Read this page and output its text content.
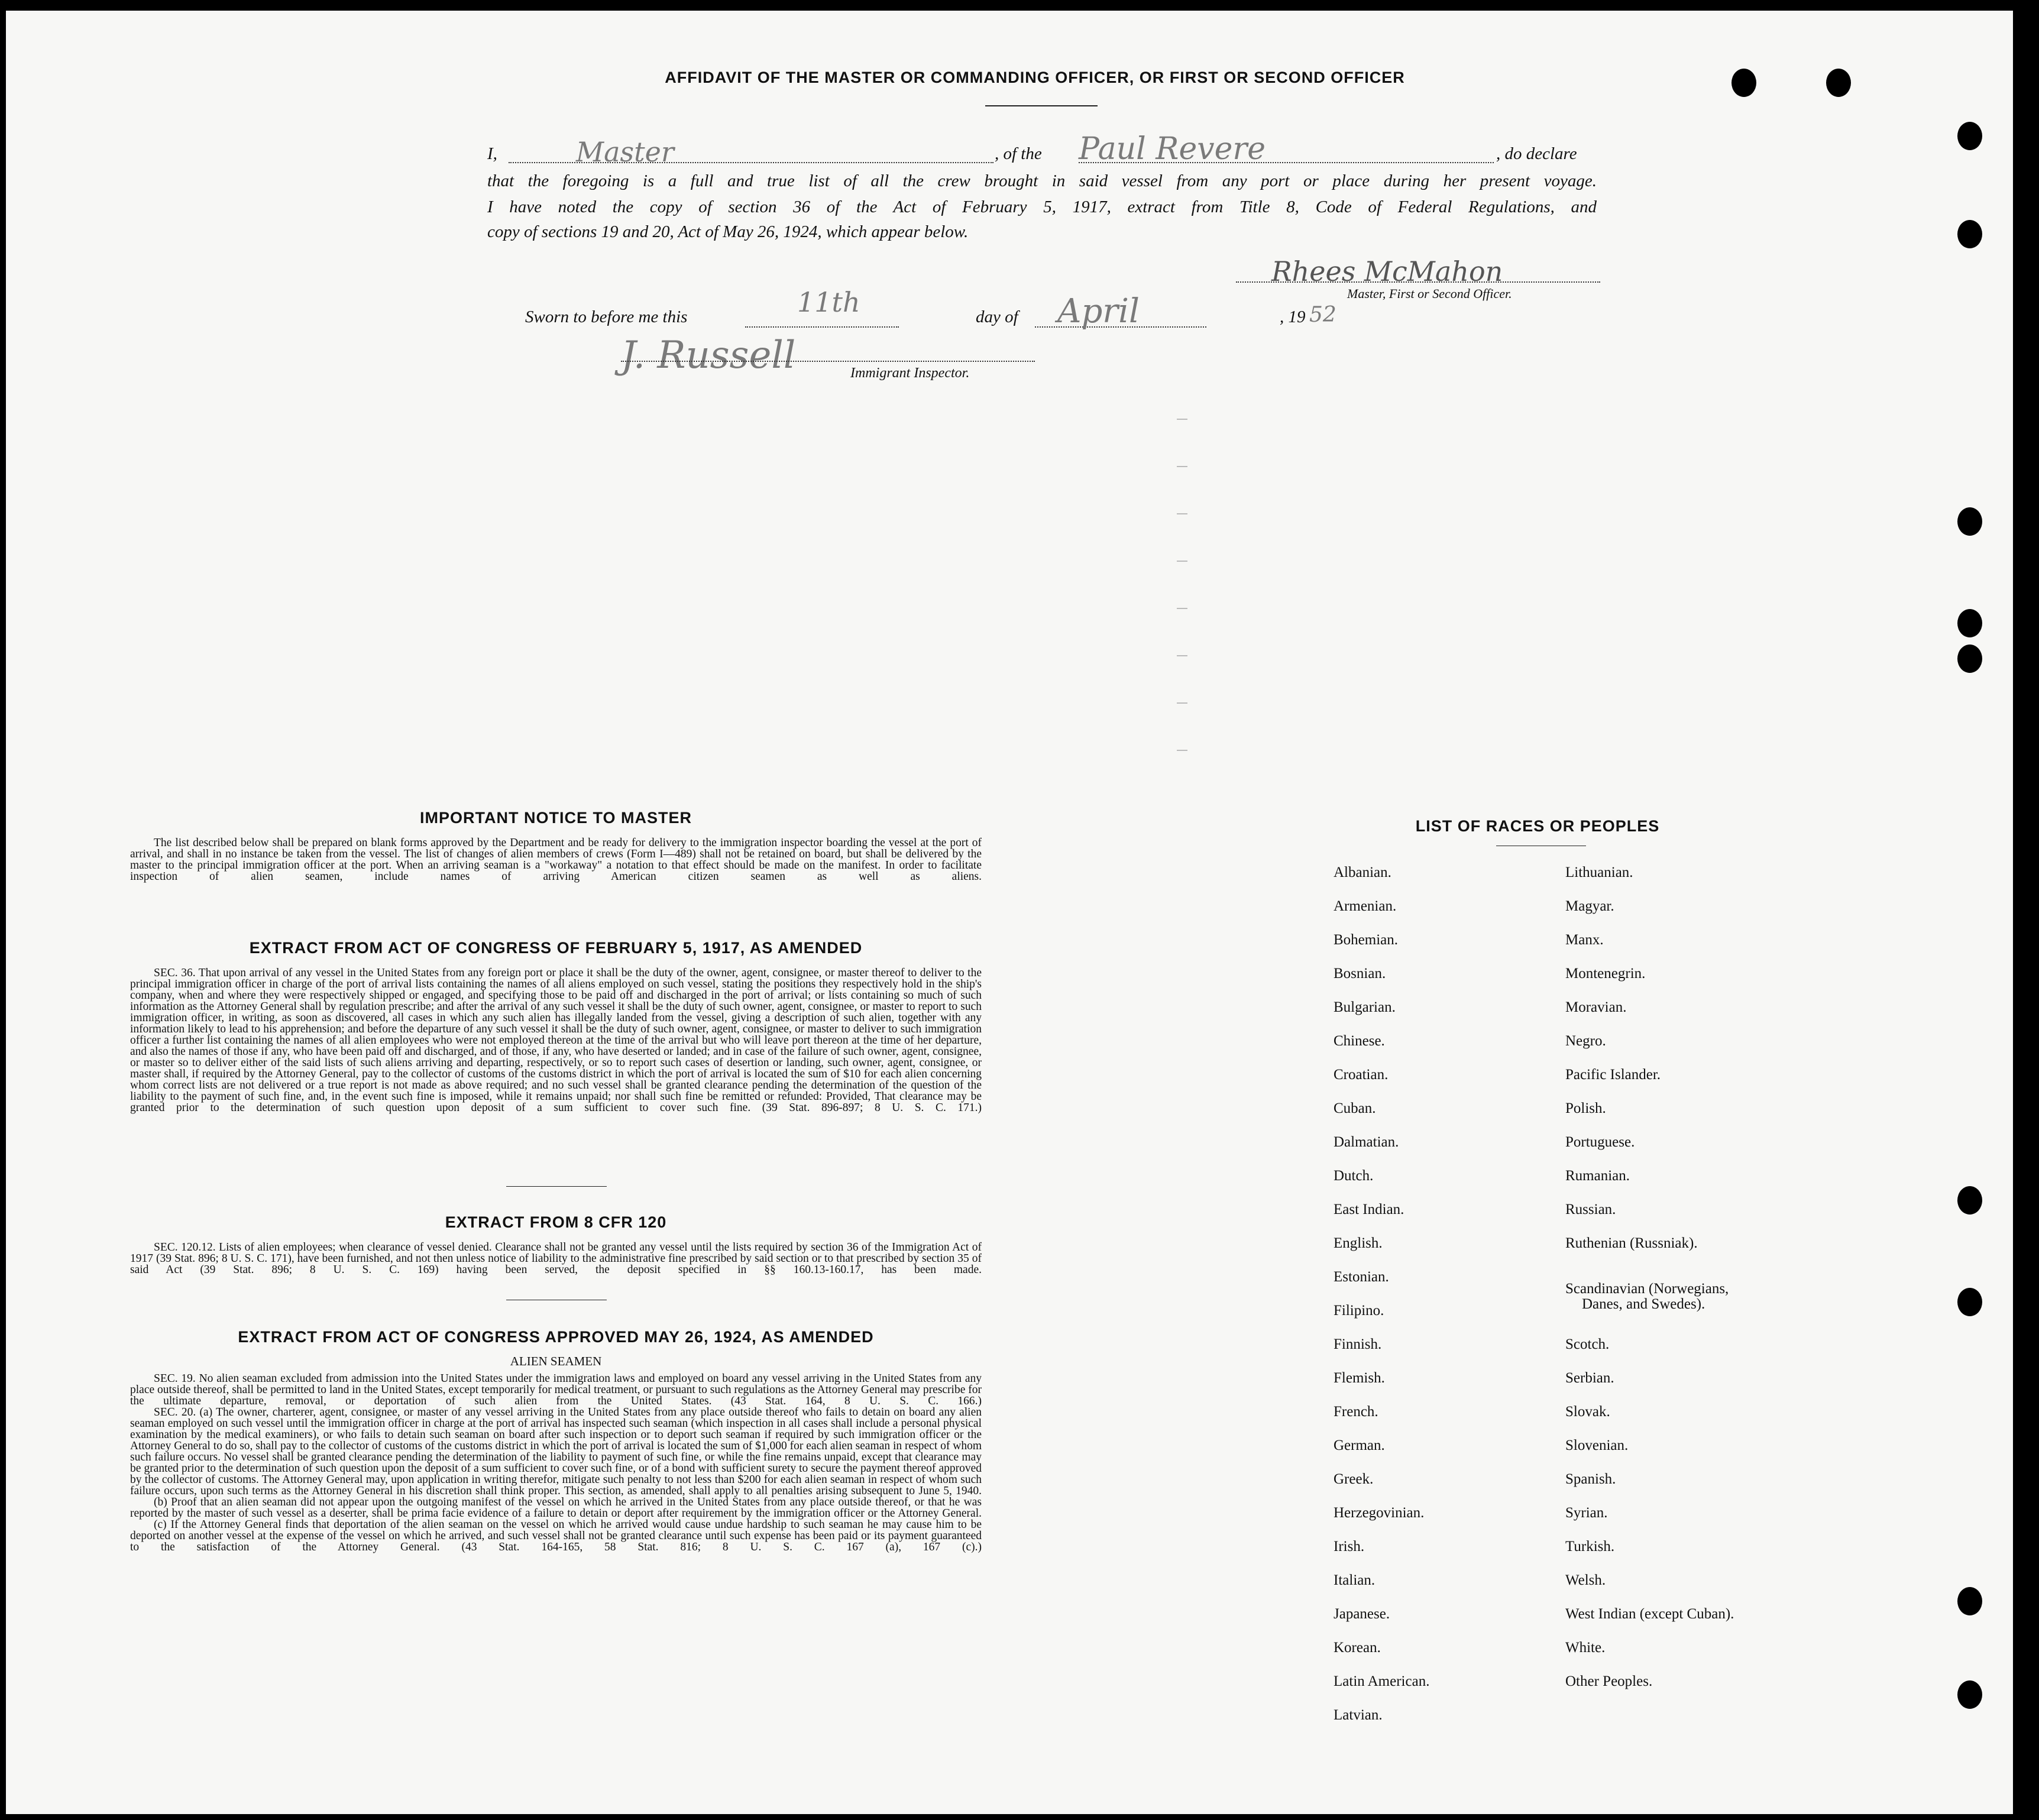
AFFIDAVIT OF THE MASTER OR COMMANDING OFFICER, OR FIRST OR SECOND OFFICER
I,	Master	, of the Paul Revere	, do declare
that the foregoing is a full and true list of all the crew brought in said vessel from any port or place during her present voyage.
I have noted the copy of section 36 of the Act of February 5, 1917, extract from Title 8, Code of Federal Regulations, and
copy of sections 19 and 20, Act of May 26, 1924, which appear below.
Rhees McMahon
Master, First or Second Officer.
Sworn to before me this	11th	day of April	, 19 52
J. Russell	Immigrant Inspector.
IMPORTANT NOTICE TO MASTER

The list described below shall be prepared on blank forms approved by the Department and be ready for delivery to the immigration inspector boarding the vessel at the port of arrival, and shall in no instance be taken from the vessel. The list of changes of alien members of crews (Form I—489) shall not be retained on board, but shall be delivered by the master to the principal immigration officer at the port. When an arriving seaman is a "workaway" a notation to that effect should be made on the manifest. In order to facilitate inspection of alien seamen, include names of arriving American citizen seamen as well as aliens.

EXTRACT FROM ACT OF CONGRESS OF FEBRUARY 5, 1917, AS AMENDED

SEC. 36. That upon arrival of any vessel in the United States from any foreign port or place it shall be the duty of the owner, agent, consignee, or master thereof to deliver to the principal immigration officer in charge of the port of arrival lists containing the names of all aliens employed on such vessel, stating the positions they respectively hold in the ship's company, when and where they were respectively shipped or engaged, and specifying those to be paid off and discharged in the port of arrival; or lists containing so much of such information as the Attorney General shall by regulation prescribe; and after the arrival of any such vessel it shall be the duty of such owner, agent, consignee, or master to report to such immigration officer, in writing, as soon as discovered, all cases in which any such alien has illegally landed from the vessel, giving a description of such alien, together with any information likely to lead to his apprehension; and before the departure of any such vessel it shall be the duty of such owner, agent, consignee, or master to deliver to such immigration officer a further list containing the names of all alien employees who were not employed thereon at the time of the arrival but who will leave port thereon at the time of her departure, and also the names of those if any, who have been paid off and discharged, and of those, if any, who have deserted or landed; and in case of the failure of such owner, agent, consignee, or master so to deliver either of the said lists of such aliens arriving and departing, respectively, or so to report such cases of desertion or landing, such owner, agent, consignee, or master shall, if required by the Attorney General, pay to the collector of customs of the customs district in which the port of arrival is located the sum of $10 for each alien concerning whom correct lists are not delivered or a true report is not made as above required; and no such vessel shall be granted clearance pending the determination of the question of the liability to the payment of such fine, and, in the event such fine is imposed, while it remains unpaid; nor shall such fine be remitted or refunded: Provided, That clearance may be granted prior to the determination of such question upon deposit of a sum sufficient to cover such fine. (39 Stat. 896-897; 8 U. S. C. 171.)

EXTRACT FROM 8 CFR 120

SEC. 120.12. Lists of alien employees; when clearance of vessel denied. Clearance shall not be granted any vessel until the lists required by section 36 of the Immigration Act of 1917 (39 Stat. 896; 8 U. S. C. 171), have been furnished, and not then unless notice of liability to the administrative fine prescribed by said section or to that prescribed by section 35 of said Act (39 Stat. 896; 8 U. S. C. 169) having been served, the deposit specified in §§ 160.13-160.17, has been made.

EXTRACT FROM ACT OF CONGRESS APPROVED MAY 26, 1924, AS AMENDED
ALIEN SEAMEN

SEC. 19. No alien seaman excluded from admission into the United States under the immigration laws and employed on board any vessel arriving in the United States from any place outside thereof, shall be permitted to land in the United States, except temporarily for medical treatment, or pursuant to such regulations as the Attorney General may prescribe for the ultimate departure, removal, or deportation of such alien from the United States. (43 Stat. 164, 8 U. S. C. 166.)

SEC. 20. (a) The owner, charterer, agent, consignee, or master of any vessel arriving in the United States from any place outside thereof who fails to detain on board any alien seaman employed on such vessel until the immigration officer in charge at the port of arrival has inspected such seaman (which inspection in all cases shall include a personal physical examination by the medical examiners), or who fails to detain such seaman on board after such inspection or to deport such seaman if required by such immigration officer or the Attorney General to do so, shall pay to the collector of customs of the customs district in which the port of arrival is located the sum of $1,000 for each alien seaman in respect of whom such failure occurs. No vessel shall be granted clearance pending the determination of the liability to payment of such fine, or while the fine remains unpaid, except that clearance may be granted prior to the determination of such question upon the deposit of a sum sufficient to cover such fine, or of a bond with sufficient surety to secure the payment thereof approved by the collector of customs. The Attorney General may, upon application in writing therefor, mitigate such penalty to not less than $200 for each alien seaman in respect of whom such failure occurs, upon such terms as the Attorney General in his discretion shall think proper. This section, as amended, shall apply to all penalties arising subsequent to June 5, 1940.

(b) Proof that an alien seaman did not appear upon the outgoing manifest of the vessel on which he arrived in the United States from any place outside thereof, or that he was reported by the master of such vessel as a deserter, shall be prima facie evidence of a failure to detain or deport after requirement by the immigration officer or the Attorney General.

(c) If the Attorney General finds that deportation of the alien seaman on the vessel on which he arrived would cause undue hardship to such seaman he may cause him to be deported on another vessel at the expense of the vessel on which he arrived, and such vessel shall not be granted clearance until such expense has been paid or its payment guaranteed to the satisfaction of the Attorney General. (43 Stat. 164-165, 58 Stat. 816; 8 U. S. C. 167 (a), 167 (c).)

LIST OF RACES OR PEOPLES
Albanian.
Armenian.
Bohemian.
Bosnian.
Bulgarian.
Chinese.
Croatian.
Cuban.
Dalmatian.
Dutch.
East Indian.
English.
Estonian.
Filipino.
Finnish.
Flemish.
French.
German.
Greek.
Herzegovinian.
Irish.
Italian.
Japanese.
Korean.
Latin American.
Latvian.
Lithuanian.
Magyar.
Manx.
Montenegrin.
Moravian.
Negro.
Pacific Islander.
Polish.
Portuguese.
Rumanian.
Russian.
Ruthenian (Russniak).
Scandinavian (Norwegians,
Danes, and Swedes).
Scotch.
Serbian.
Slovak.
Slovenian.
Spanish.
Syrian.
Turkish.
Welsh.
West Indian (except Cuban).
White.
Other Peoples.
